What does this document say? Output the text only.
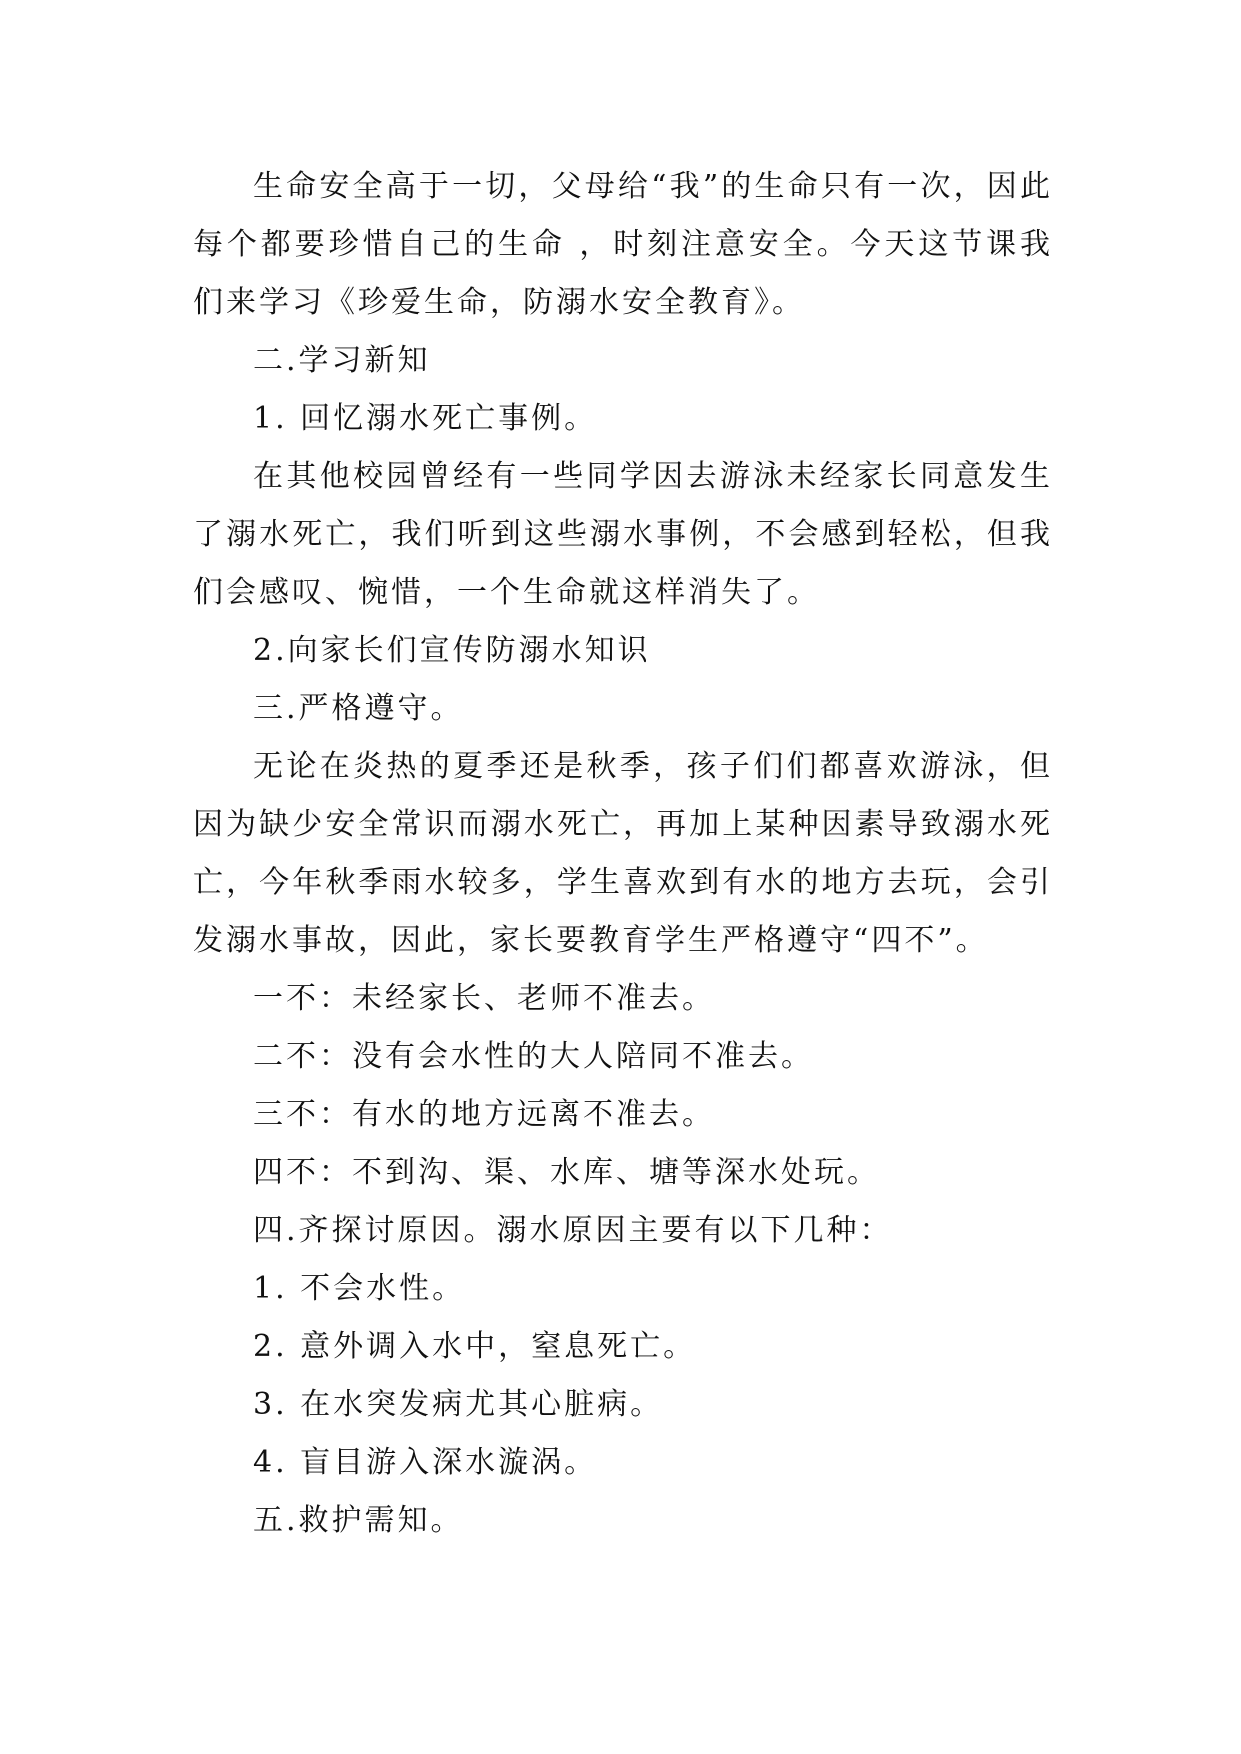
生命安全高于一切，父母给“我”的生命只有一次，因此每个都要珍惜自己的生命 ，时刻注意安全。今天这节课我们来学习《珍爱生命，防溺水安全教育》。

二.学习新知

1. 回忆溺水死亡事例。

在其他校园曾经有一些同学因去游泳未经家长同意发生了溺水死亡，我们听到这些溺水事例，不会感到轻松，但我们会感叹、惋惜，一个生命就这样消失了。

2.向家长们宣传防溺水知识

三.严格遵守。

无论在炎热的夏季还是秋季，孩子们们都喜欢游泳，但因为缺少安全常识而溺水死亡，再加上某种因素导致溺水死亡，今年秋季雨水较多，学生喜欢到有水的地方去玩，会引发溺水事故，因此，家长要教育学生严格遵守“四不”。

一不：未经家长、老师不准去。

二不：没有会水性的大人陪同不准去。

三不：有水的地方远离不准去。

四不：不到沟、渠、水库、塘等深水处玩。

四.齐探讨原因。溺水原因主要有以下几种：

1. 不会水性。

2. 意外调入水中，窒息死亡。

3. 在水突发病尤其心脏病。

4. 盲目游入深水漩涡。

五.救护需知。
